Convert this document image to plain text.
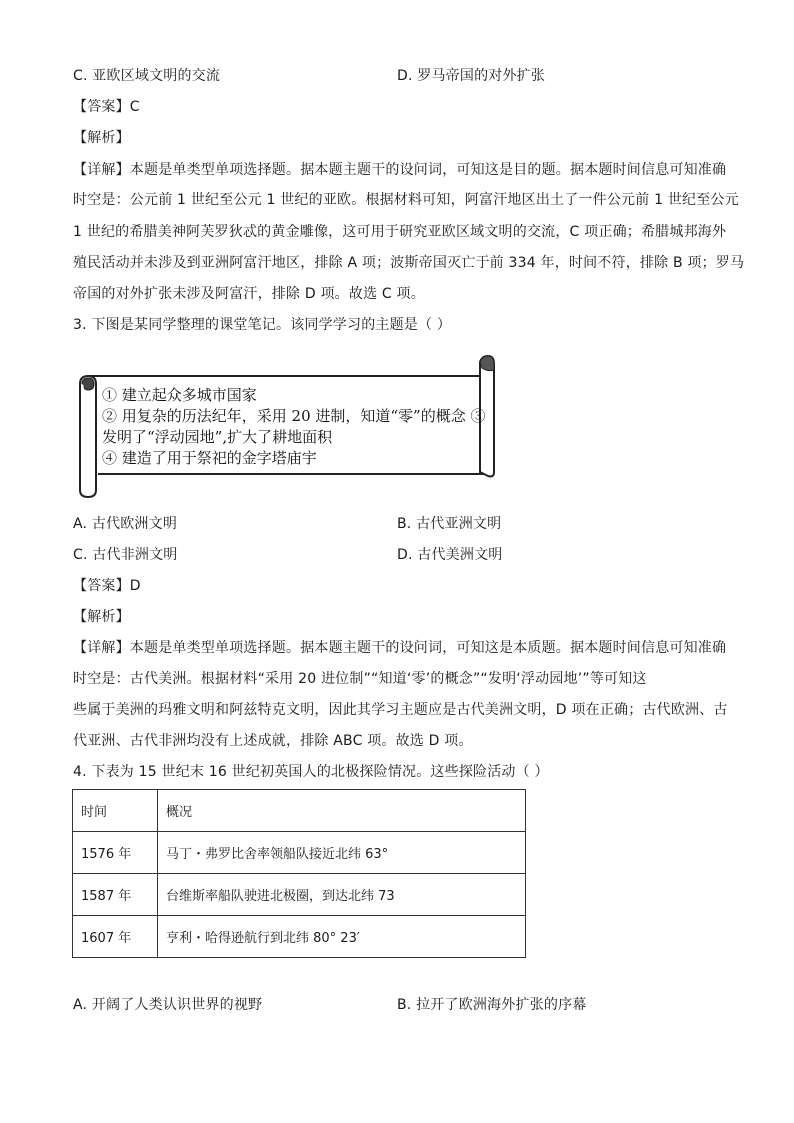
C. 亚欧区域文明的交流	D. 罗马帝国的对外扩张
【答案】C
【解析】
【详解】本题是单类型单项选择题。据本题主题干的设问词，可知这是目的题。据本题时间信息可知准确
时空是：公元前 1 世纪至公元 1 世纪的亚欧。根据材料可知，阿富汗地区出土了一件公元前 1 世纪至公元
1 世纪的希腊美神阿芙罗狄忒的黄金雕像，这可用于研究亚欧区域文明的交流，C 项正确；希腊城邦海外
殖民活动并未涉及到亚洲阿富汗地区，排除 A 项；波斯帝国灭亡于前 334 年，时间不符，排除 B 项；罗马
帝国的对外扩张未涉及阿富汗，排除 D 项。故选 C 项。
3. 下图是某同学整理的课堂笔记。该同学学习的主题是（ ）
① 建立起众多城市国家
② 用复杂的历法纪年，采用 20 进制，知道“零”的概念 ③
发明了“浮动园地”,扩大了耕地面积
④ 建造了用于祭祀的金字塔庙宇
A. 古代欧洲文明	B. 古代亚洲文明
C. 古代非洲文明	D. 古代美洲文明
【答案】D
【解析】
【详解】本题是单类型单项选择题。据本题主题干的设问词，可知这是本质题。据本题时间信息可知准确
时空是：古代美洲。根据材料“采用 20 进位制”“知道‘零’的概念”“发明‘浮动园地’”等可知这
些属于美洲的玛雅文明和阿兹特克文明，因此其学习主题应是古代美洲文明，D 项在正确；古代欧洲、古
代亚洲、古代非洲均没有上述成就，排除 ABC 项。故选 D 项。
4. 下表为 15 世纪末 16 世纪初英国人的北极探险情况。这些探险活动（ ）
时间	概况
1576 年	马丁・弗罗比舍率领船队接近北纬 63°
1587 年	台维斯率船队驶进北极圈，到达北纬 73
1607 年	亨利・哈得逊航行到北纬 80° 23′
A. 开阔了人类认识世界的视野	B. 拉开了欧洲海外扩张的序幕
